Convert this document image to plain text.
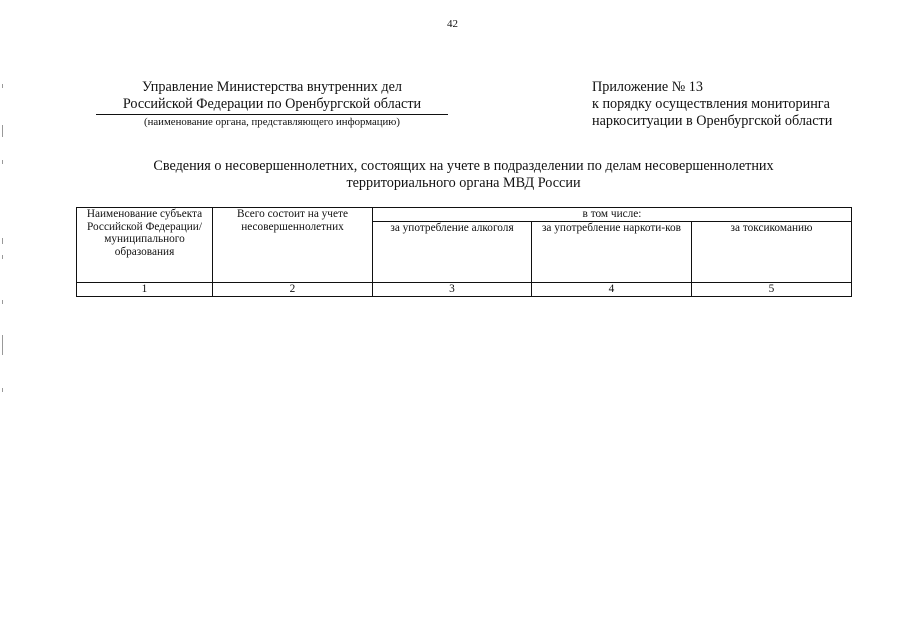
42
Управление Министерства внутренних дел
Российской Федерации по Оренбургской области
(наименование органа, представляющего информацию)
Приложение № 13
к порядку осуществления мониторинга
наркоситуации в Оренбургской области
Сведения о несовершеннолетних, состоящих на учете в подразделении по делам несовершеннолетних
территориального органа МВД России
Наименование субъекта Российской Федерации/ муниципального образования	Всего состоит на учете несовершеннолетних	в том числе:		
		за употребление алкоголя	за употребление наркоти-ков	за токсикоманию
1	2	3	4	5
